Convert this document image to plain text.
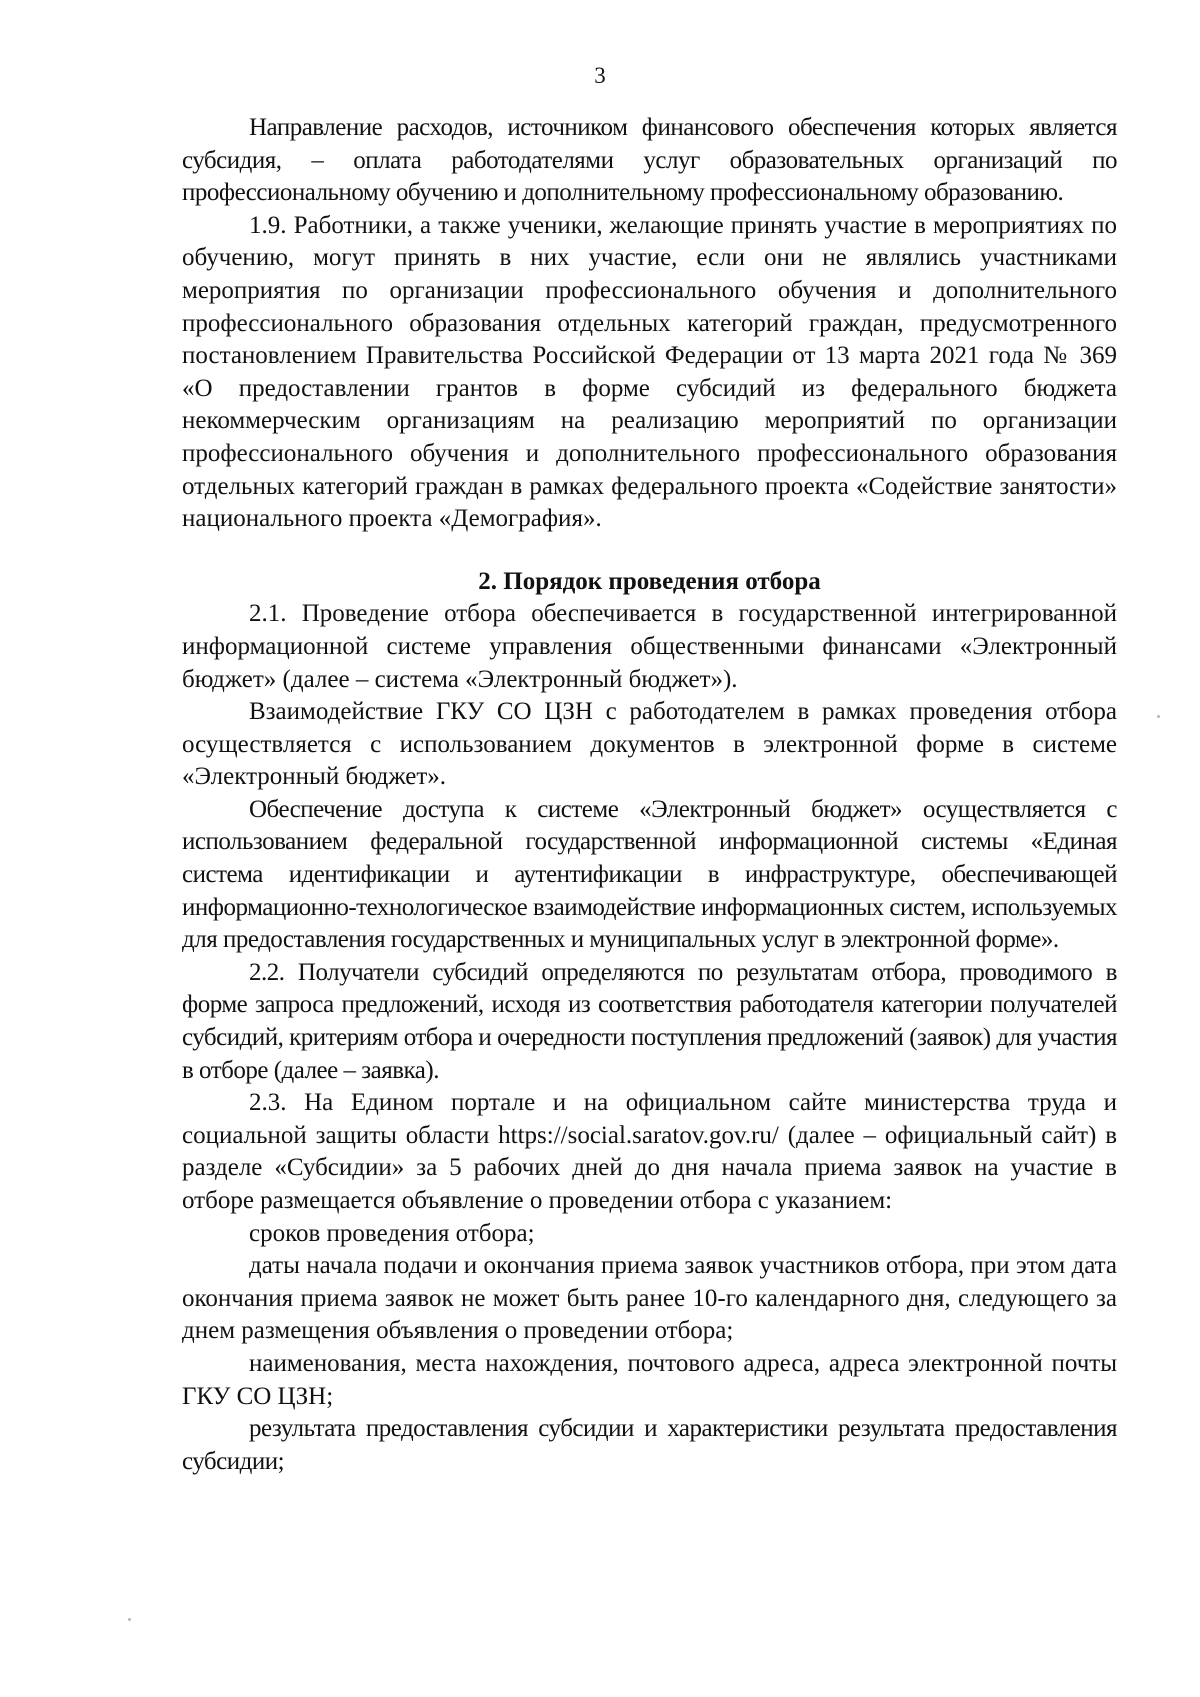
3

Направление расходов, источником финансового обеспечения которых является субсидия, – оплата работодателями услуг образовательных организаций по профессиональному обучению и дополнительному профессиональному образованию.

1.9. Работники, а также ученики, желающие принять участие в мероприятиях по обучению, могут принять в них участие, если они не являлись участниками мероприятия по организации профессионального обучения и дополнительного профессионального образования отдельных категорий граждан, предусмотренного постановлением Правительства Российской Федерации от 13 марта 2021 года № 369 «О предоставлении грантов в форме субсидий из федерального бюджета некоммерческим организациям на реализацию мероприятий по организации профессионального обучения и дополнительного профессионального образования отдельных категорий граждан в рамках федерального проекта «Содействие занятости» национального проекта «Демография».

2. Порядок проведения отбора

2.1. Проведение отбора обеспечивается в государственной интегрированной информационной системе управления общественными финансами «Электронный бюджет» (далее – система «Электронный бюджет»).

Взаимодействие ГКУ СО ЦЗН с работодателем в рамках проведения отбора осуществляется с использованием документов в электронной форме в системе «Электронный бюджет».

Обеспечение доступа к системе «Электронный бюджет» осуществляется с использованием федеральной государственной информационной системы «Единая система идентификации и аутентификации в инфраструктуре, обеспечивающей информационно-технологическое взаимодействие информационных систем, используемых для предоставления государственных и муниципальных услуг в электронной форме».

2.2. Получатели субсидий определяются по результатам отбора, проводимого в форме запроса предложений, исходя из соответствия работодателя категории получателей субсидий, критериям отбора и очередности поступления предложений (заявок) для участия в отборе (далее – заявка).

2.3. На Едином портале и на официальном сайте министерства труда и социальной защиты области https://social.saratov.gov.ru/ (далее – официальный сайт) в разделе «Субсидии» за 5 рабочих дней до дня начала приема заявок на участие в отборе размещается объявление о проведении отбора с указанием:

сроков проведения отбора;

даты начала подачи и окончания приема заявок участников отбора, при этом дата окончания приема заявок не может быть ранее 10-го календарного дня, следующего за днем размещения объявления о проведении отбора;

наименования, места нахождения, почтового адреса, адреса электронной почты ГКУ СО ЦЗН;

результата предоставления субсидии и характеристики результата предоставления субсидии;
